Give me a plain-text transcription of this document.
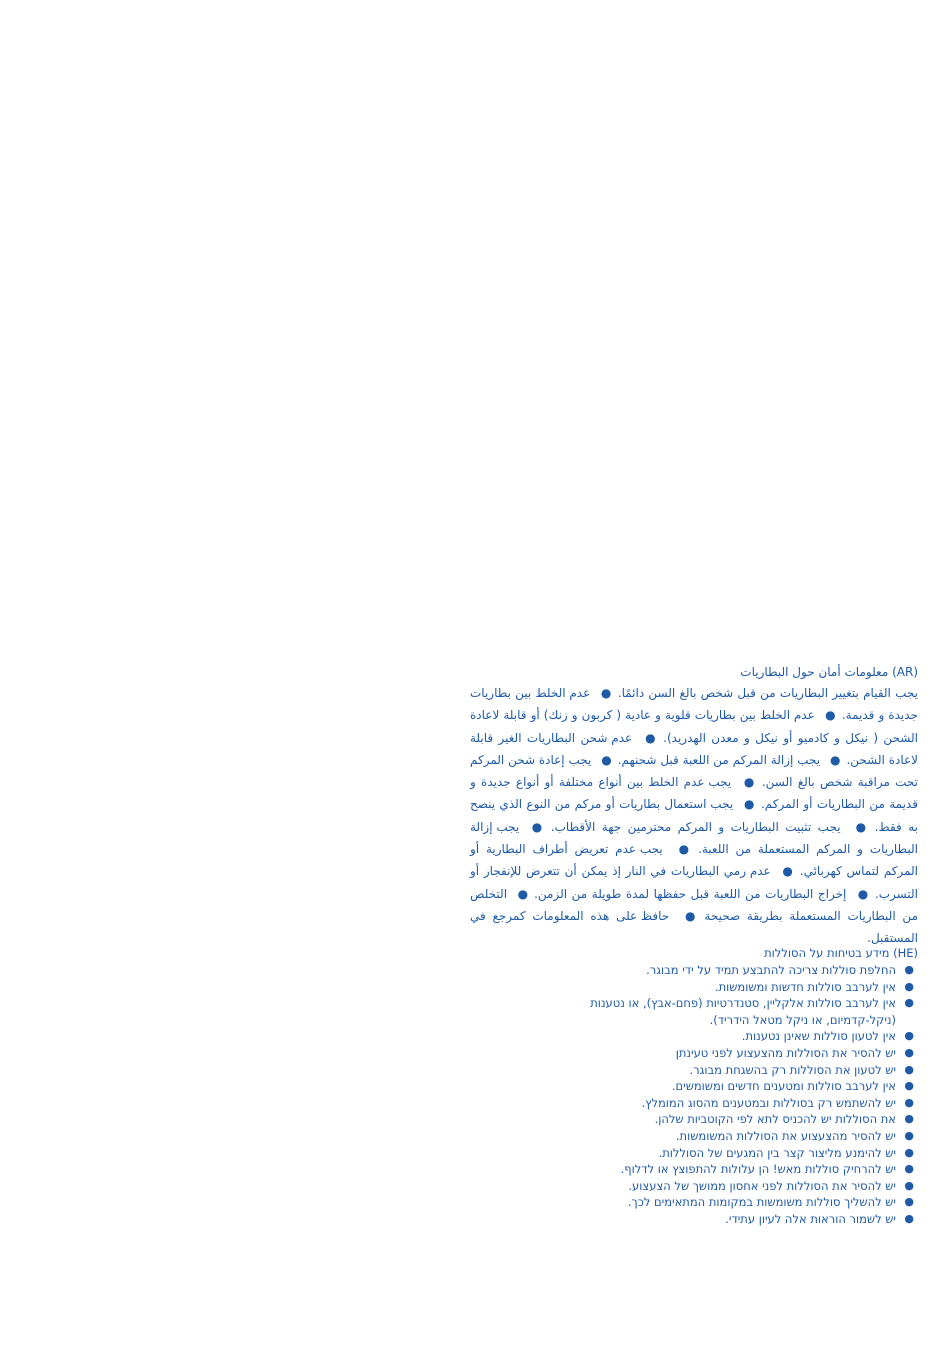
(AR) معلومات أمان حول البطاريات

يجب القيام بتغيير البطاريات من قبل شخص بالغ السن دائمًا.● عدم الخلط بين بطاريات جديدة و قديمة.● عدم الخلط بين بطاريات قلوية و عادية ( كربون و زنك) أو قابلة لاعادة الشحن ( نيكل و كادميو أو نيكل و معدن الهدريد).● عدم شحن البطاريات الغير قابلة لاعادة الشحن.● يجب إزالة المركم من اللعبة قبل شحنهم.● يجب إعادة شحن المركم تحت مراقبة شخص بالغ السن.● يجب عدم الخلط بين أنواع مختلفة أو أنواع جديدة و قديمة من البطاريات أو المركم.● يجب استعمال بطاريات أو مركم من النوع الذي ينصح به فقط.● يجب تثبيت البطاريات و المركم محترمين جهة الأقطاب.● يجب إزالة البطاريات و المركم المستعملة من اللعبة.● يجب عدم تعريض أطراف البطارية أو المركم لتماس كهربائي.● عدم رمي البطاريات في النار إذ يمكن أن تتعرض للإنفجار أو التسرب.● إخراج البطاريات من اللعبة قبل حفظها لمدة طويلة من الزمن.● التخلص من البطاريات المستعملة بطريقة صحيحة● حافظ على هذه المعلومات كمرجع في المستقبل.

(HE) מידע בטיחות על הסוללות

●
החלפת סוללות צריכה להתבצע תמיד על ידי מבוגר.
●
אין לערבב סוללות חדשות ומשומשות.
●
אין לערבב סוללות אלקליין, סטנדרטיות (פחם-אבץ), או נטענות (ניקל-קדמיום, או ניקל מטאל הידריד).
●
אין לטעון סוללות שאינן נטענות.
●
יש להסיר את הסוללות מהצעצוע לפני טעינתן
●
יש לטעון את הסוללות רק בהשגחת מבוגר.
●
אין לערבב סוללות ומטענים חדשים ומשומשים.
●
יש להשתמש רק בסוללות ובמטענים מהסוג המומלץ.
●
את הסוללות יש להכניס לתא לפי הקוטביות שלהן.
●
יש להסיר מהצעצוע את הסוללות המשומשות.
●
יש להימנע מליצור קצר בין המגעים של הסוללות.
●
יש להרחיק סוללות מאש! הן עלולות להתפוצץ או לדלוף.
●
יש להסיר את הסוללות לפני אחסון ממושך של הצעצוע.
●
יש להשליך סוללות משומשות במקומות המתאימים לכך.
●
יש לשמור הוראות אלה לעיון עתידי.
